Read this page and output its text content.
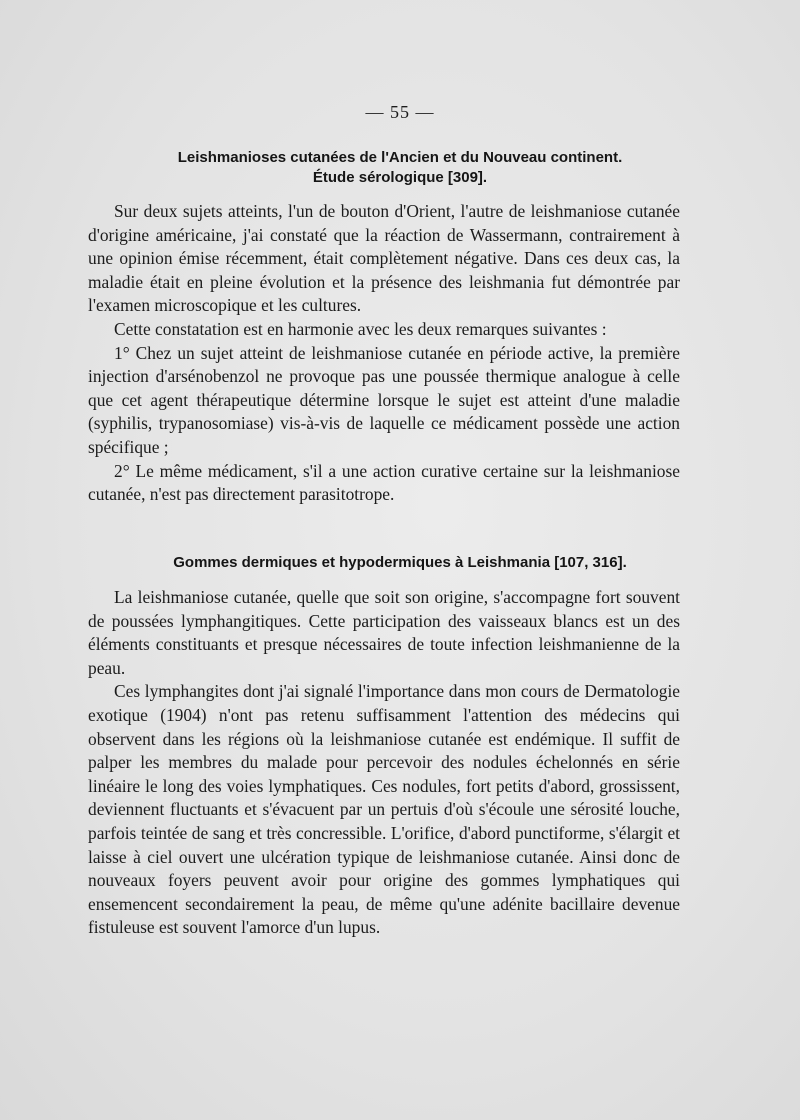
— 55 —
Leishmanioses cutanées de l'Ancien et du Nouveau continent.
Étude sérologique [309].

Sur deux sujets atteints, l'un de bouton d'Orient, l'autre de leishmaniose cutanée d'origine américaine, j'ai constaté que la réaction de Wassermann, contrairement à une opinion émise récemment, était complètement négative. Dans ces deux cas, la maladie était en pleine évolution et la présence des leishmania fut démontrée par l'examen microscopique et les cultures.

Cette constatation est en harmonie avec les deux remarques suivantes :

1° Chez un sujet atteint de leishmaniose cutanée en période active, la première injection d'arsénobenzol ne provoque pas une poussée thermique analogue à celle que cet agent thérapeutique détermine lorsque le sujet est atteint d'une maladie (syphilis, trypanosomiase) vis-à-vis de laquelle ce médicament possède une action spécifique ;

2° Le même médicament, s'il a une action curative certaine sur la leishmaniose cutanée, n'est pas directement parasitotrope.

Gommes dermiques et hypodermiques à Leishmania [107, 316].

La leishmaniose cutanée, quelle que soit son origine, s'accompagne fort souvent de poussées lymphangitiques. Cette participation des vaisseaux blancs est un des éléments constituants et presque nécessaires de toute infection leishmanienne de la peau.

Ces lymphangites dont j'ai signalé l'importance dans mon cours de Dermatologie exotique (1904) n'ont pas retenu suffisamment l'attention des médecins qui observent dans les régions où la leishmaniose cutanée est endémique. Il suffit de palper les membres du malade pour percevoir des nodules échelonnés en série linéaire le long des voies lymphatiques. Ces nodules, fort petits d'abord, grossissent, deviennent fluctuants et s'évacuent par un pertuis d'où s'écoule une sérosité louche, parfois teintée de sang et très concressible. L'orifice, d'abord punctiforme, s'élargit et laisse à ciel ouvert une ulcération typique de leishmaniose cutanée. Ainsi donc de nouveaux foyers peuvent avoir pour origine des gommes lymphatiques qui ensemencent secondairement la peau, de même qu'une adénite bacillaire devenue fistuleuse est souvent l'amorce d'un lupus.
